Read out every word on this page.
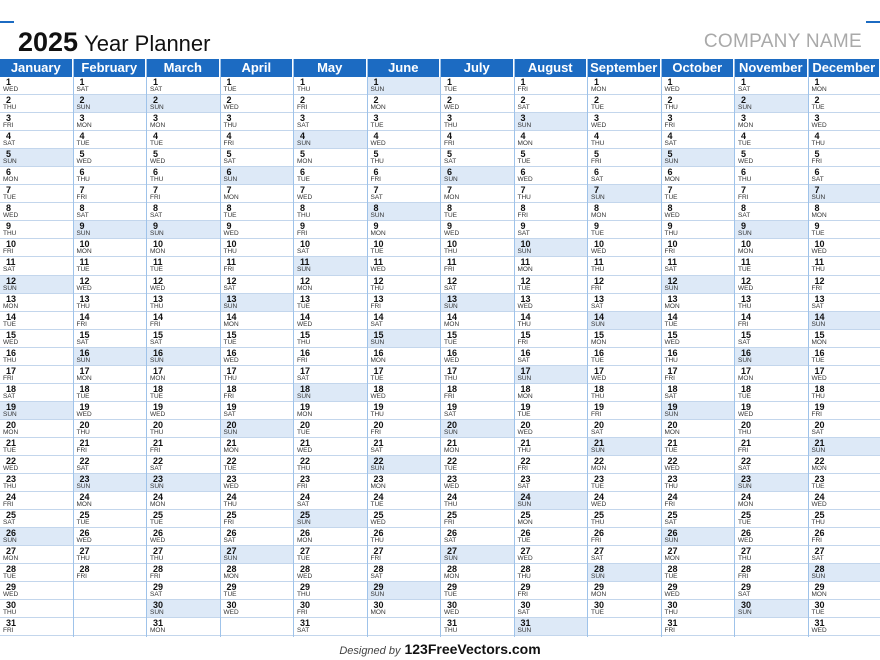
2025 Year Planner	COMPANY NAME
January
1
WED
2
THU
3
FRI
4
SAT
5
SUN
6
MON
7
TUE
8
WED
9
THU
10
FRI
11
SAT
12
SUN
13
MON
14
TUE
15
WED
16
THU
17
FRI
18
SAT
19
SUN
20
MON
21
TUE
22
WED
23
THU
24
FRI
25
SAT
26
SUN
27
MON
28
TUE
29
WED
30
THU
31
FRI
February
1
SAT
2
SUN
3
MON
4
TUE
5
WED
6
THU
7
FRI
8
SAT
9
SUN
10
MON
11
TUE
12
WED
13
THU
14
FRI
15
SAT
16
SUN
17
MON
18
TUE
19
WED
20
THU
21
FRI
22
SAT
23
SUN
24
MON
25
TUE
26
WED
27
THU
28
FRI
March
1
SAT
2
SUN
3
MON
4
TUE
5
WED
6
THU
7
FRI
8
SAT
9
SUN
10
MON
11
TUE
12
WED
13
THU
14
FRI
15
SAT
16
SUN
17
MON
18
TUE
19
WED
20
THU
21
FRI
22
SAT
23
SUN
24
MON
25
TUE
26
WED
27
THU
28
FRI
29
SAT
30
SUN
31
MON
April
1
TUE
2
WED
3
THU
4
FRI
5
SAT
6
SUN
7
MON
8
TUE
9
WED
10
THU
11
FRI
12
SAT
13
SUN
14
MON
15
TUE
16
WED
17
THU
18
FRI
19
SAT
20
SUN
21
MON
22
TUE
23
WED
24
THU
25
FRI
26
SAT
27
SUN
28
MON
29
TUE
30
WED
May
1
THU
2
FRI
3
SAT
4
SUN
5
MON
6
TUE
7
WED
8
THU
9
FRI
10
SAT
11
SUN
12
MON
13
TUE
14
WED
15
THU
16
FRI
17
SAT
18
SUN
19
MON
20
TUE
21
WED
22
THU
23
FRI
24
SAT
25
SUN
26
MON
27
TUE
28
WED
29
THU
30
FRI
31
SAT
June
1
SUN
2
MON
3
TUE
4
WED
5
THU
6
FRI
7
SAT
8
SUN
9
MON
10
TUE
11
WED
12
THU
13
FRI
14
SAT
15
SUN
16
MON
17
TUE
18
WED
19
THU
20
FRI
21
SAT
22
SUN
23
MON
24
TUE
25
WED
26
THU
27
FRI
28
SAT
29
SUN
30
MON
July
1
TUE
2
WED
3
THU
4
FRI
5
SAT
6
SUN
7
MON
8
TUE
9
WED
10
THU
11
FRI
12
SAT
13
SUN
14
MON
15
TUE
16
WED
17
THU
18
FRI
19
SAT
20
SUN
21
MON
22
TUE
23
WED
24
THU
25
FRI
26
SAT
27
SUN
28
MON
29
TUE
30
WED
31
THU
August
1
FRI
2
SAT
3
SUN
4
MON
5
TUE
6
WED
7
THU
8
FRI
9
SAT
10
SUN
11
MON
12
TUE
13
WED
14
THU
15
FRI
16
SAT
17
SUN
18
MON
19
TUE
20
WED
21
THU
22
FRI
23
SAT
24
SUN
25
MON
26
TUE
27
WED
28
THU
29
FRI
30
SAT
31
SUN
September
1
MON
2
TUE
3
WED
4
THU
5
FRI
6
SAT
7
SUN
8
MON
9
TUE
10
WED
11
THU
12
FRI
13
SAT
14
SUN
15
MON
16
TUE
17
WED
18
THU
19
FRI
20
SAT
21
SUN
22
MON
23
TUE
24
WED
25
THU
26
FRI
27
SAT
28
SUN
29
MON
30
TUE
October
1
WED
2
THU
3
FRI
4
SAT
5
SUN
6
MON
7
TUE
8
WED
9
THU
10
FRI
11
SAT
12
SUN
13
MON
14
TUE
15
WED
16
THU
17
FRI
18
SAT
19
SUN
20
MON
21
TUE
22
WED
23
THU
24
FRI
25
SAT
26
SUN
27
MON
28
TUE
29
WED
30
THU
31
FRI
November
1
SAT
2
SUN
3
MON
4
TUE
5
WED
6
THU
7
FRI
8
SAT
9
SUN
10
MON
11
TUE
12
WED
13
THU
14
FRI
15
SAT
16
SUN
17
MON
18
TUE
19
WED
20
THU
21
FRI
22
SAT
23
SUN
24
MON
25
TUE
26
WED
27
THU
28
FRI
29
SAT
30
SUN
December
1
MON
2
TUE
3
WED
4
THU
5
FRI
6
SAT
7
SUN
8
MON
9
TUE
10
WED
11
THU
12
FRI
13
SAT
14
SUN
15
MON
16
TUE
17
WED
18
THU
19
FRI
20
SAT
21
SUN
22
MON
23
TUE
24
WED
25
THU
26
FRI
27
SAT
28
SUN
29
MON
30
TUE
31
WED
Designed by 123FreeVectors.com
